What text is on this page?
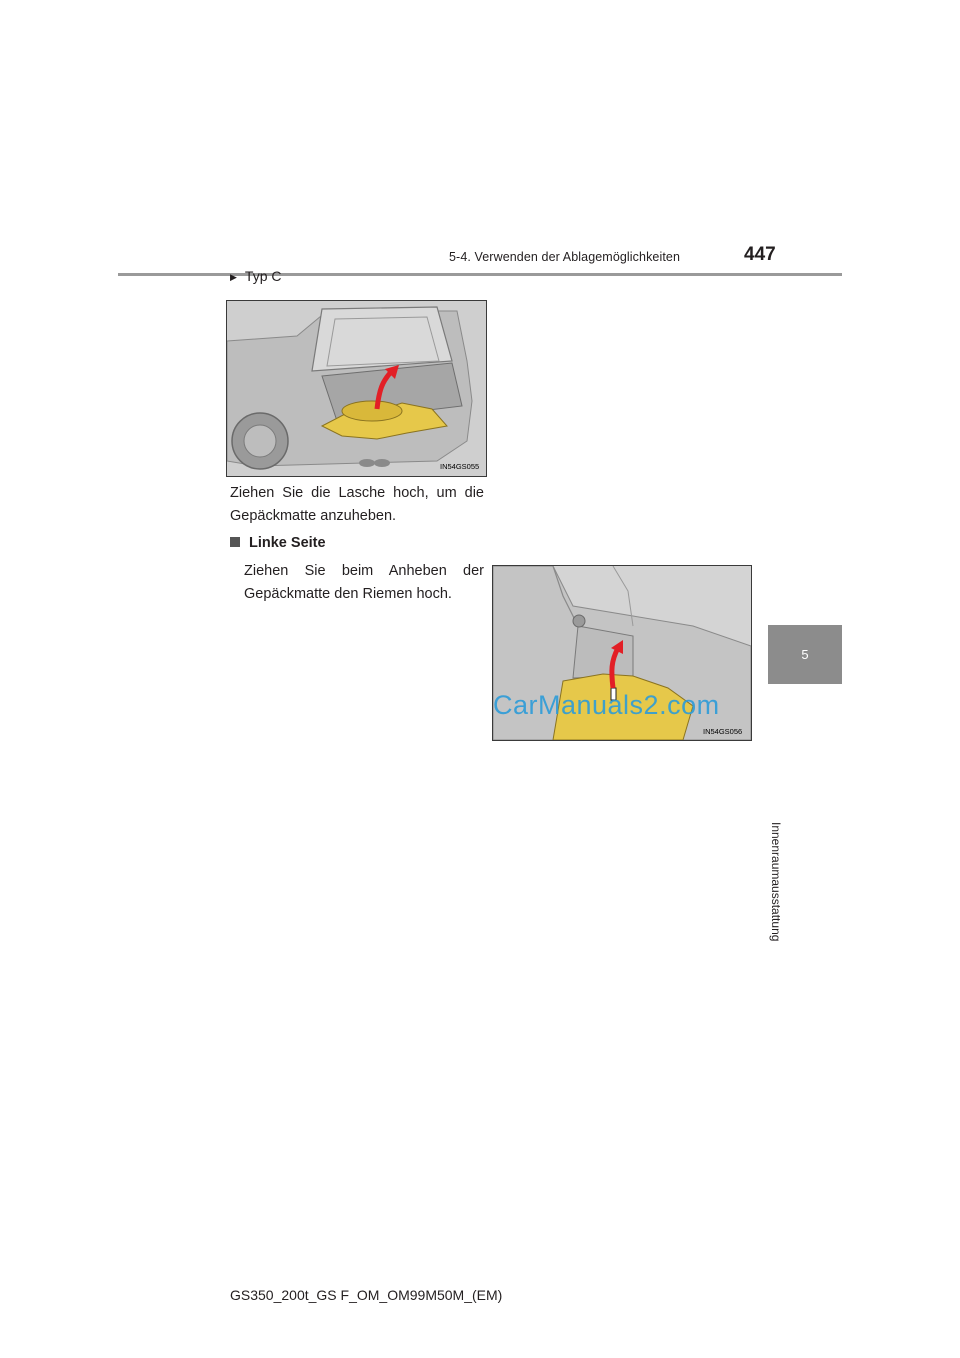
5-4. Verwenden der Ablagemöglichkeiten	447
5
Innenraumausstattung
▶ Typ C
IN54GS055
Ziehen Sie die Lasche hoch, um die Gepäckmatte anzuheben.
Linke Seite
Ziehen Sie beim Anheben der Gepäckmatte den Riemen hoch.
IN54GS056
CarManuals2.com
GS350_200t_GS F_OM_OM99M50M_(EM)
